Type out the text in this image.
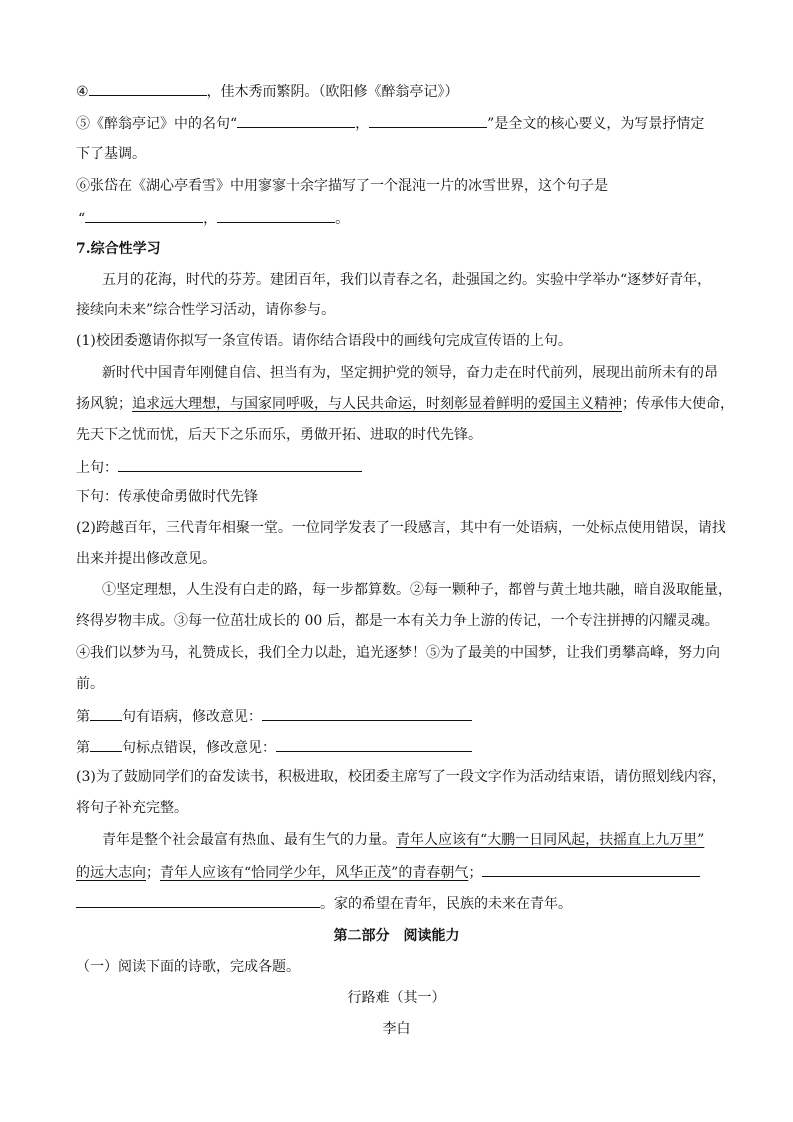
④	，佳木秀而繁阴。（欧阳修《醉翁亭记》）
⑤《醉翁亭记》中的名句“	，	”是全文的核心要义，为写景抒情定
下了基调。
⑥张岱在《湖心亭看雪》中用寥寥十余字描写了一个混沌一片的冰雪世界，这个句子是
“	，	。
7.综合性学习
五月的花海，时代的芬芳。建团百年，我们以青春之名，赴强国之约。实验中学举办“逐梦好青年，
接续向未来”综合性学习活动，请你参与。
(1)校团委邀请你拟写一条宣传语。请你结合语段中的画线句完成宣传语的上句。
新时代中国青年刚健自信、担当有为，坚定拥护党的领导，奋力走在时代前列，展现出前所未有的昂
扬风貌；追求远大理想，与国家同呼吸，与人民共命运，时刻彰显着鲜明的爱国主义精神；传承伟大使命，
先天下之忧而忧，后天下之乐而乐，勇做开拓、进取的时代先锋。
上句：
下句：传承使命勇做时代先锋
(2)跨越百年，三代青年相聚一堂。一位同学发表了一段感言，其中有一处语病，一处标点使用错误，请找
出来并提出修改意见。
①坚定理想，人生没有白走的路，每一步都算数。②每一颗种子，都曾与黄土地共融，暗自汲取能量，
终得岁物丰成。③每一位茁壮成长的 00 后，都是一本有关力争上游的传记，一个专注拼搏的闪耀灵魂。
④我们以梦为马，礼赞成长，我们全力以赴，追光逐梦！⑤为了最美的中国梦，让我们勇攀高峰，努力向
前。
第 句有语病，修改意见：
第 句标点错误，修改意见：
(3)为了鼓励同学们的奋发读书，积极进取，校团委主席写了一段文字作为活动结束语，请仿照划线内容，
将句子补充完整。
青年是整个社会最富有热血、最有生气的力量。青年人应该有“大鹏一日同风起，扶摇直上九万里”
的远大志向；青年人应该有“恰同学少年，风华正茂”的青春朝气；
。家的希望在青年，民族的未来在青年。
第二部分　阅读能力
（一）阅读下面的诗歌，完成各题。
行路难（其一）
李白
